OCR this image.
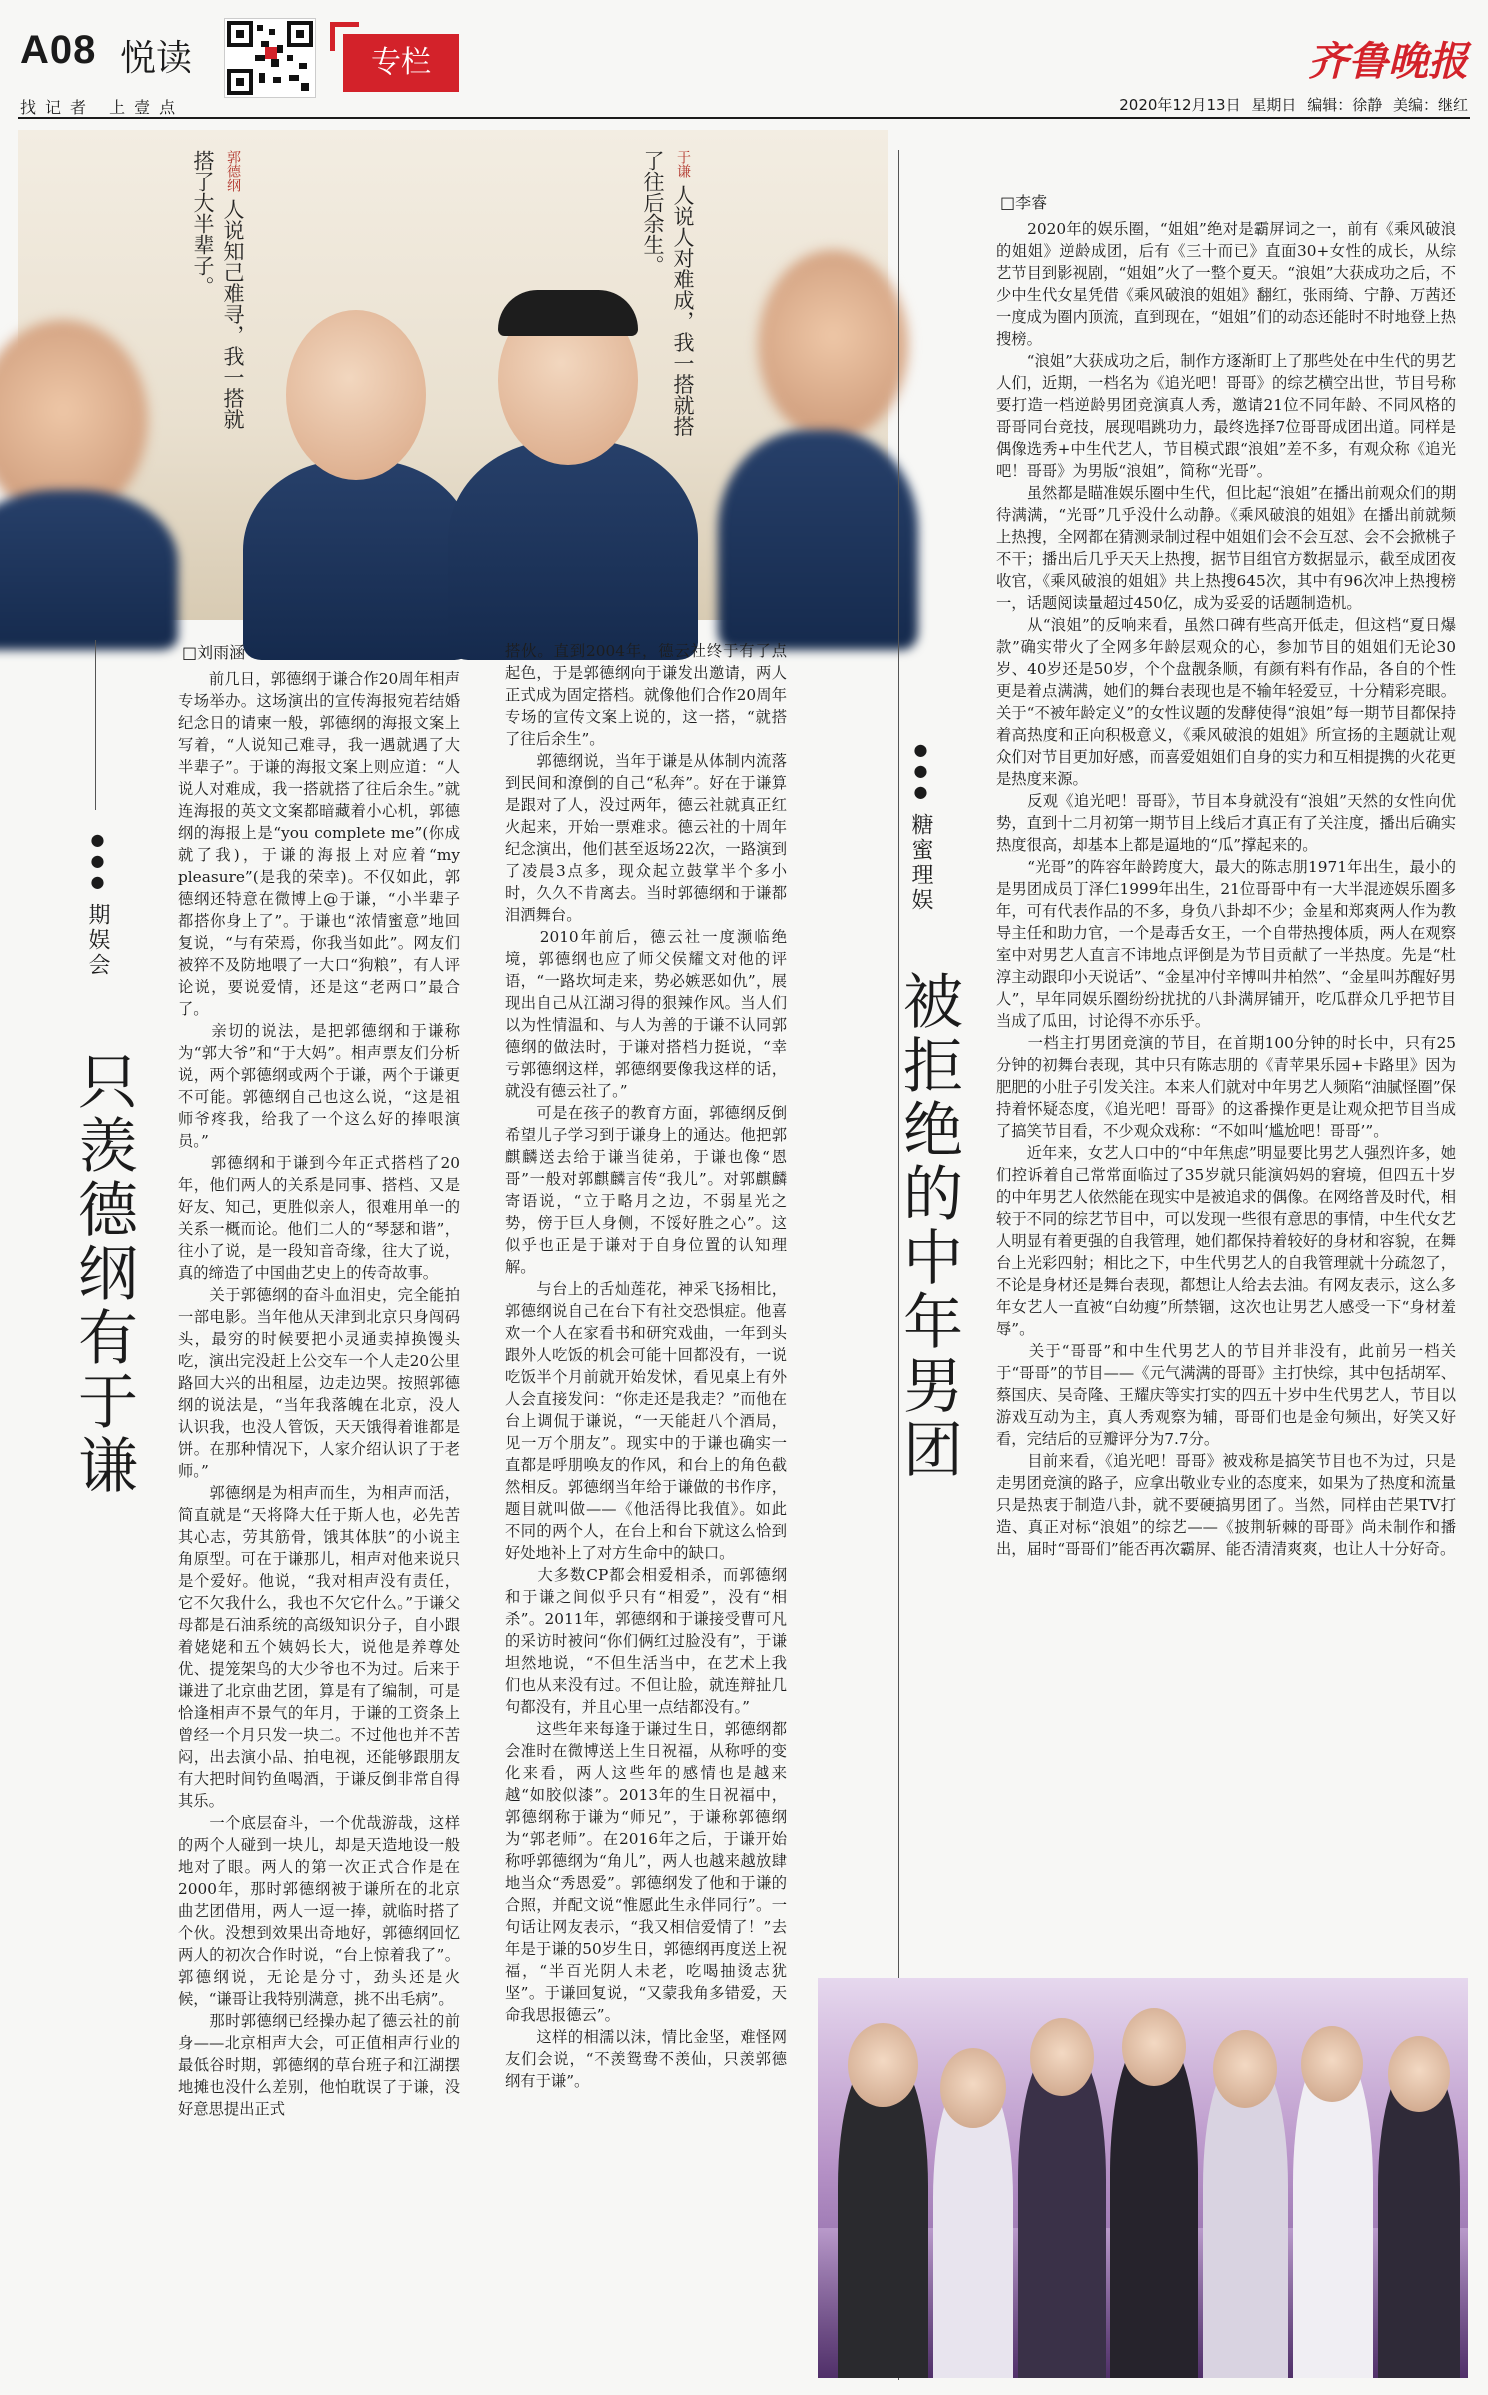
A08 悦读	专栏	齐鲁晚报
找记者 上壹点	2020年12月13日 星期日 编辑：徐静 美编：继红
郭德纲 人说知己难寻，我一搭就搭了大半辈子。	于谦 人说人对难成，我一搭就搭了往后余生。
●●● 期娱会
只羡德纲有于谦
□刘雨涵
　　前几日，郭德纲于谦合作20周年相声专场举办。这场演出的宣传海报宛若结婚纪念日的请柬一般，郭德纲的海报文案上写着，“人说知己难寻，我一遇就遇了大半辈子”。于谦的海报文案上则应道：“人说人对难成，我一搭就搭了往后余生。”就连海报的英文文案都暗藏着小心机，郭德纲的海报上是“you complete me”(你成就了我)，于谦的海报上对应着“my pleasure”(是我的荣幸)。不仅如此，郭德纲还特意在微博上@于谦，“小半辈子都搭你身上了”。于谦也“浓情蜜意”地回复说，“与有荣焉，你我当如此”。网友们被猝不及防地喂了一大口“狗粮”，有人评论说，要说爱情，还是这“老两口”最合了。
　　亲切的说法，是把郭德纲和于谦称为“郭大爷”和“于大妈”。相声票友们分析说，两个郭德纲或两个于谦，两个于谦更不可能。郭德纲自己也这么说，“这是祖师爷疼我，给我了一个这么好的捧哏演员。”
　　郭德纲和于谦到今年正式搭档了20年，他们两人的关系是同事、搭档、又是好友、知己，更胜似亲人，很难用单一的关系一概而论。他们二人的“琴瑟和谐”，往小了说，是一段知音奇缘，往大了说，真的缔造了中国曲艺史上的传奇故事。
　　关于郭德纲的奋斗血泪史，完全能拍一部电影。当年他从天津到北京只身闯码头，最穷的时候要把小灵通卖掉换馒头吃，演出完没赶上公交车一个人走20公里路回大兴的出租屋，边走边哭。按照郭德纲的说法是，“当年我落魄在北京，没人认识我，也没人管饭，天天饿得着谁都是饼。在那种情况下，人家介绍认识了于老师。”
　　郭德纲是为相声而生，为相声而活，简直就是“天将降大任于斯人也，必先苦其心志，劳其筋骨，饿其体肤”的小说主角原型。可在于谦那儿，相声对他来说只是个爱好。他说，“我对相声没有责任，它不欠我什么，我也不欠它什么。”于谦父母都是石油系统的高级知识分子，自小跟着姥姥和五个姨妈长大，说他是养尊处优、提笼架鸟的大少爷也不为过。后来于谦进了北京曲艺团，算是有了编制，可是恰逢相声不景气的年月，于谦的工资条上曾经一个月只发一块二。不过他也并不苦闷，出去演小品、拍电视，还能够跟朋友有大把时间钓鱼喝酒，于谦反倒非常自得其乐。
　　一个底层奋斗，一个优哉游哉，这样的两个人碰到一块儿，却是天造地设一般地对了眼。两人的第一次正式合作是在2000年，那时郭德纲被于谦所在的北京曲艺团借用，两人一逗一捧，就临时搭了个伙。没想到效果出奇地好，郭德纲回忆两人的初次合作时说，“台上惊着我了”。郭德纲说，无论是分寸，劲头还是火候，“谦哥让我特别满意，挑不出毛病”。
　　那时郭德纲已经操办起了德云社的前身——北京相声大会，可正值相声行业的最低谷时期，郭德纲的草台班子和江湖摆地摊也没什么差别，他怕耽误了于谦，没好意思提出正式
搭伙。直到2004年，德云社终于有了点起色，于是郭德纲向于谦发出邀请，两人正式成为固定搭档。就像他们合作20周年专场的宣传文案上说的，这一搭，“就搭了往后余生”。
　　郭德纲说，当年于谦是从体制内流落到民间和潦倒的自己“私奔”。好在于谦算是跟对了人，没过两年，德云社就真正红火起来，开始一票难求。德云社的十周年纪念演出，他们甚至返场22次，一路演到了凌晨3点多，现众起立鼓掌半个多小时，久久不肯离去。当时郭德纲和于谦都泪洒舞台。
　　2010年前后，德云社一度濒临绝境，郭德纲也应了师父侯耀文对他的评语，“一路坎坷走来，势必嫉恶如仇”，展现出自己从江湖习得的狠辣作风。当人们以为性情温和、与人为善的于谦不认同郭德纲的做法时，于谦对搭档力挺说，“幸亏郭德纲这样，郭德纲要像我这样的话，就没有德云社了。”
　　可是在孩子的教育方面，郭德纲反倒希望儿子学习到于谦身上的通达。他把郭麒麟送去给于谦当徒弟，于谦也像“恩哥”一般对郭麒麟言传“我儿”。对郭麒麟寄语说，“立于略月之边，不弱星光之势，傍于巨人身侧，不馁好胜之心”。这似乎也正是于谦对于自身位置的认知理解。
　　与台上的舌灿莲花，神采飞扬相比，郭德纲说自己在台下有社交恐惧症。他喜欢一个人在家看书和研究戏曲，一年到头跟外人吃饭的机会可能十回都没有，一说吃饭半个月前就开始发怵，看见桌上有外人会直接发问：“你走还是我走？”而他在台上调侃于谦说，“一天能赶八个酒局，见一万个朋友”。现实中的于谦也确实一直都是呼朋唤友的作风，和台上的角色截然相反。郭德纲当年给于谦做的书作序，题目就叫做——《他活得比我值》。如此不同的两个人，在台上和台下就这么恰到好处地补上了对方生命中的缺口。
　　大多数CP都会相爱相杀，而郭德纲和于谦之间似乎只有“相爱”，没有“相杀”。2011年，郭德纲和于谦接受曹可凡的采访时被问“你们俩红过脸没有”，于谦坦然地说，“不但生活当中，在艺术上我们也从来没有过。不但让脸，就连辩扯几句都没有，并且心里一点结都没有。”
　　这些年来每逢于谦过生日，郭德纲都会准时在微博送上生日祝福，从称呼的变化来看，两人这些年的感情也是越来越“如胶似漆”。2013年的生日祝福中，郭德纲称于谦为“师兄”，于谦称郭德纲为“郭老师”。在2016年之后，于谦开始称呼郭德纲为“角儿”，两人也越来越放肆地当众“秀恩爱”。郭德纲发了他和于谦的合照，并配文说“惟愿此生永伴同行”。一句话让网友表示，“我又相信爱情了！”去年是于谦的50岁生日，郭德纲再度送上祝福，“半百光阴人未老，吃喝抽烫志犹坚”。于谦回复说，“又蒙我角多错爱，天命我思报德云”。
　　这样的相濡以沫，情比金坚，难怪网友们会说，“不羡鸳鸯不羡仙，只羡郭德纲有于谦”。
●●● 糖蜜理娱
被拒绝的中年男团
□李睿
　　2020年的娱乐圈，“姐姐”绝对是霸屏词之一，前有《乘风破浪的姐姐》逆龄成团，后有《三十而已》直面30+女性的成长，从综艺节目到影视剧，“姐姐”火了一整个夏天。“浪姐”大获成功之后，不少中生代女星凭借《乘风破浪的姐姐》翻红，张雨绮、宁静、万茜还一度成为圈内顶流，直到现在，“姐姐”们的动态还能时不时地登上热搜榜。
　　“浪姐”大获成功之后，制作方逐渐盯上了那些处在中生代的男艺人们，近期，一档名为《追光吧！哥哥》的综艺横空出世，节目号称要打造一档逆龄男团竞演真人秀，邀请21位不同年龄、不同风格的哥哥同台竞技，展现唱跳功力，最终选择7位哥哥成团出道。同样是偶像选秀+中生代艺人，节目模式跟“浪姐”差不多，有观众称《追光吧！哥哥》为男版“浪姐”，简称“光哥”。
　　虽然都是瞄准娱乐圈中生代，但比起“浪姐”在播出前观众们的期待满满，“光哥”几乎没什么动静。《乘风破浪的姐姐》在播出前就频上热搜，全网都在猜测录制过程中姐姐们会不会互怼、会不会掀桃子不干；播出后几乎天天上热搜，据节目组官方数据显示，截至成团夜收官，《乘风破浪的姐姐》共上热搜645次，其中有96次冲上热搜榜一，话题阅读量超过450亿，成为妥妥的话题制造机。
　　从“浪姐”的反响来看，虽然口碑有些高开低走，但这档“夏日爆款”确实带火了全网多年龄层观众的心，参加节目的姐姐们无论30岁、40岁还是50岁，个个盘靓条顺，有颜有料有作品，各自的个性更是着点满满，她们的舞台表现也是不输年轻爱豆，十分精彩亮眼。关于“不被年龄定义”的女性议题的发酵使得“浪姐”每一期节目都保持着高热度和正向积极意义，《乘风破浪的姐姐》所宣扬的主题就让观众们对节目更加好感，而喜爱姐姐们自身的实力和互相提携的火花更是热度来源。
　　反观《追光吧！哥哥》，节目本身就没有“浪姐”天然的女性向优势，直到十二月初第一期节目上线后才真正有了关注度，播出后确实热度很高，却基本上都是逼地的“瓜”撑起来的。
　　“光哥”的阵容年龄跨度大，最大的陈志朋1971年出生，最小的是男团成员丁泽仁1999年出生，21位哥哥中有一大半混迹娱乐圈多年，可有代表作品的不多，身负八卦却不少；金星和郑爽两人作为教导主任和助力官，一个是毒舌女王，一个自带热搜体质，两人在观察室中对男艺人直言不讳地点评倒是为节目贡献了一半热度。先是“杜淳主动跟印小天说话”、“金星冲付辛博叫井柏然”、“金星叫苏醒好男人”，早年同娱乐圈纷纷扰扰的八卦满屏铺开，吃瓜群众几乎把节目当成了瓜田，讨论得不亦乐乎。
　　一档主打男团竞演的节目，在首期100分钟的时长中，只有25分钟的初舞台表现，其中只有陈志朋的《青苹果乐园+卡路里》因为肥肥的小肚子引发关注。本来人们就对中年男艺人频陷“油腻怪圈”保持着怀疑态度，《追光吧！哥哥》的这番操作更是让观众把节目当成了搞笑节目看，不少观众戏称：“不如叫‘尴尬吧！哥哥’”。
　　近年来，女艺人口中的“中年焦虑”明显要比男艺人强烈许多，她们控诉着自己常常面临过了35岁就只能演妈妈的窘境，但四五十岁的中年男艺人依然能在现实中是被追求的偶像。在网络普及时代，相较于不同的综艺节目中，可以发现一些很有意思的事情，中生代女艺人明显有着更强的自我管理，她们都保持着较好的身材和容貌，在舞台上光彩四射；相比之下，中生代男艺人的自我管理就十分疏忽了，不论是身材还是舞台表现，都想让人给去去油。有网友表示，这么多年女艺人一直被“白幼瘦”所禁锢，这次也让男艺人感受一下“身材羞辱”。
　　关于“哥哥”和中生代男艺人的节目并非没有，此前另一档关于“哥哥”的节目——《元气满满的哥哥》主打快综，其中包括胡军、蔡国庆、吴奇隆、王耀庆等实打实的四五十岁中生代男艺人，节目以游戏互动为主，真人秀观察为辅，哥哥们也是金句频出，好笑又好看，完结后的豆瓣评分为7.7分。
　　目前来看，《追光吧！哥哥》被戏称是搞笑节目也不为过，只是走男团竞演的路子，应拿出敬业专业的态度来，如果为了热度和流量只是热衷于制造八卦，就不要硬搞男团了。当然，同样由芒果TV打造、真正对标“浪姐”的综艺——《披荆斩棘的哥哥》尚未制作和播出，届时“哥哥们”能否再次霸屏、能否清清爽爽，也让人十分好奇。
